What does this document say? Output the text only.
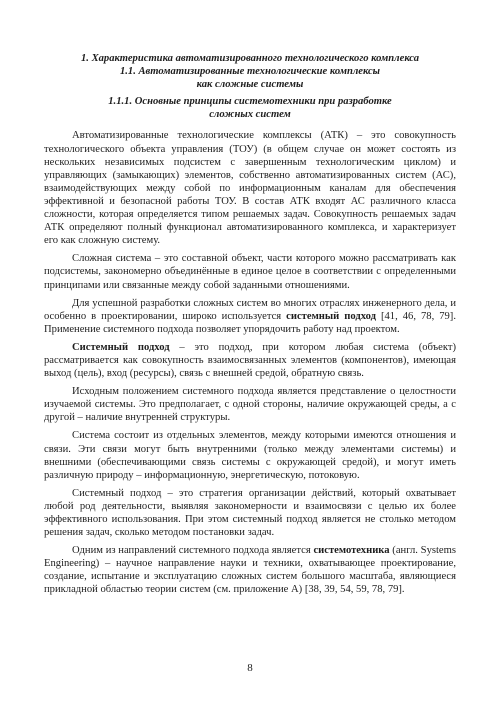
1. Характеристика автоматизированного технологического комплекса

1.1. Автоматизированные технологические комплексы

как сложные системы

1.1.1. Основные принципы системотехники при разработке

сложных систем

Автоматизированные технологические комплексы (АТК) – это совокупность технологического объекта управления (ТОУ) (в общем случае он может состоять из нескольких независимых подсистем с завершенным технологическим циклом) и управляющих (замыкающих) элементов, собственно автоматизированных систем (АС), взаимодействующих между собой по информационным каналам для обеспечения эффективной и безопасной работы ТОУ. В состав АТК входят АС различного класса сложности, которая определяется типом решаемых задач. Совокупность решаемых задач АТК определяют полный функционал автоматизированного комплекса, и характеризует его как сложную систему.

Сложная система – это составной объект, части которого можно рассматривать как подсистемы, закономерно объединённые в единое целое в соответствии с определенными принципами или связанные между собой заданными отношениями.

Для успешной разработки сложных систем во многих отраслях инженерного дела, и особенно в проектировании, широко используется системный подход [41, 46, 78, 79]. Применение системного подхода позволяет упорядочить работу над проектом.

Системный подход – это подход, при котором любая система (объект) рассматривается как совокупность взаимосвязанных элементов (компонентов), имеющая выход (цель), вход (ресурсы), связь с внешней средой, обратную связь.

Исходным положением системного подхода является представление о целостности изучаемой системы. Это предполагает, с одной стороны, наличие окружающей среды, а с другой – наличие внутренней структуры.

Система состоит из отдельных элементов, между которыми имеются отношения и связи. Эти связи могут быть внутренними (только между элементами системы) и внешними (обеспечивающими связь системы с окружающей средой), и могут иметь различную природу – информационную, энергетическую, потоковую.

Системный подход – это стратегия организации действий, который охватывает любой род деятельности, выявляя закономерности и взаимосвязи с целью их более эффективного использования. При этом системный подход является не столько методом решения задач, сколько методом постановки задач.

Одним из направлений системного подхода является системотехника (англ. Systems Engineering) – научное направление науки и техники, охватывающее проектирование, создание, испытание и эксплуатацию сложных систем большого масштаба, являющиеся прикладной областью теории систем (см. приложение А) [38, 39, 54, 59, 78, 79].

8
